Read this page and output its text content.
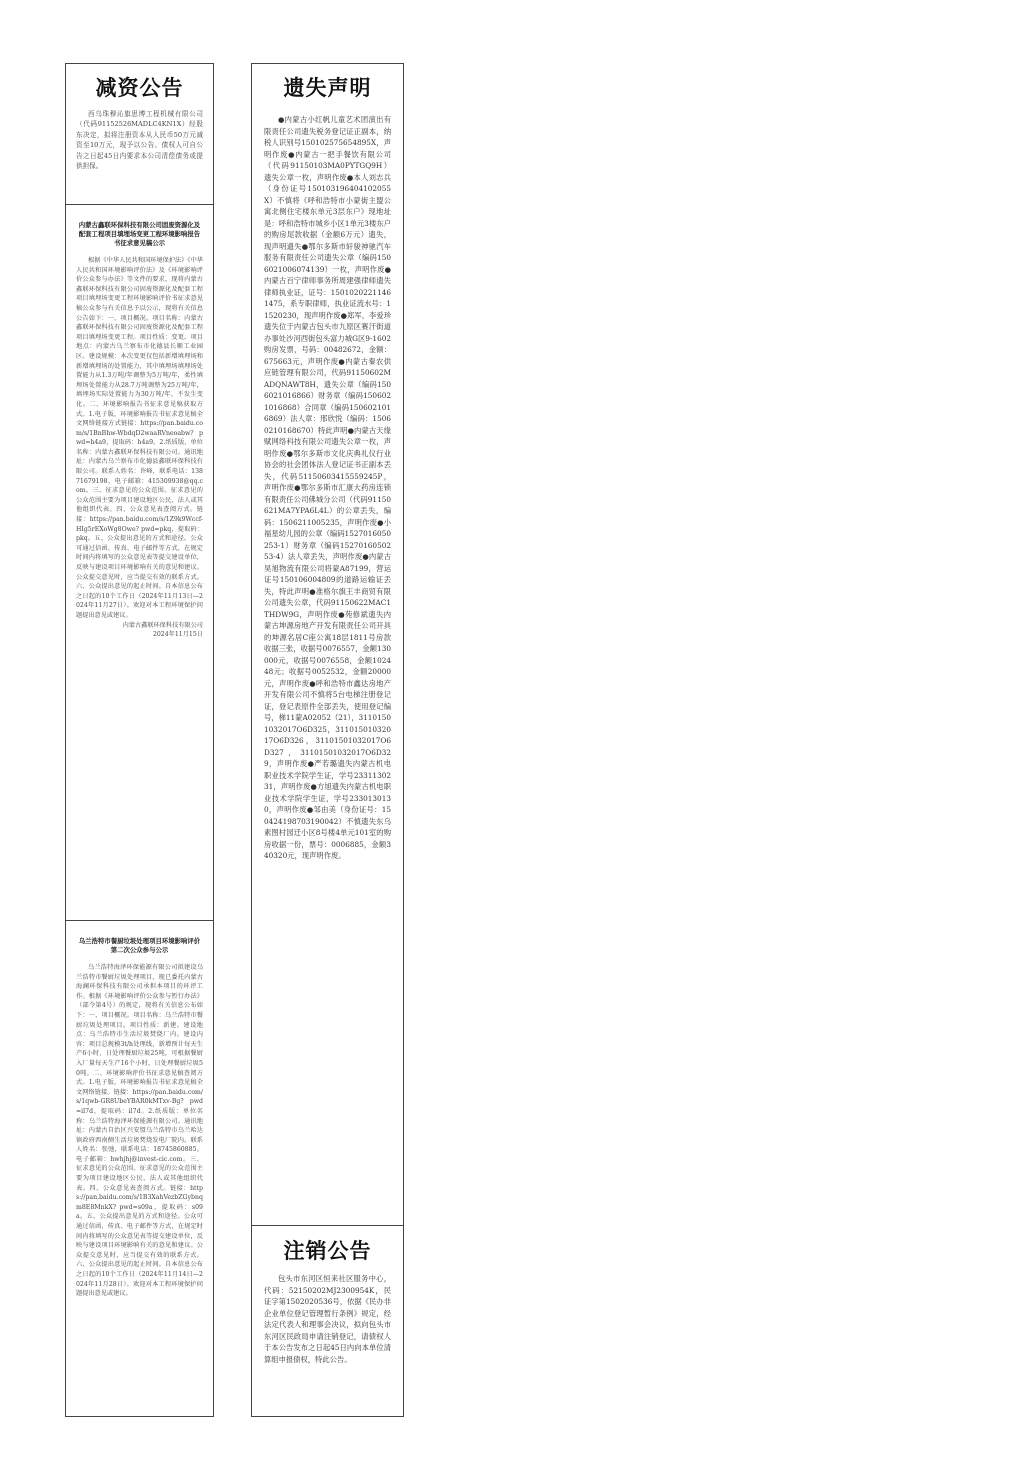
减资公告

西乌珠穆沁旗思博工程机械有限公司（代码91152526MADLC4KN1X）经股东决定，拟将注册资本从人民币50万元减资至10万元，现予以公告。债权人可自公告之日起45日内要求本公司清偿债务或提供担保。

内蒙古鑫联环保科技有限公司固废资源化及配套工程项目填埋场变更工程环境影响报告书征求意见稿公示

根据《中华人民共和国环境保护法》《中华人民共和国环境影响评价法》及《环境影响评价公众参与办法》等文件的要求，现将内蒙古鑫联环保科技有限公司固废资源化及配套工程项目填埋场变更工程环境影响评价书征求意见稿公众参与有关信息予以公示，现将有关信息公告如下：一、项目概况。项目名称：内蒙古鑫联环保科技有限公司固废资源化及配套工程项目填埋场变更工程。项目性质：变更。项目地点：内蒙古乌兰察布市化德县长顺工业园区。建设规模：本次变更仅包括新增填埋场和新增填埋场的处置能力，其中填埋场填埋场处置能力从1.3万吨/年调整为5万吨/年，柔性填埋场处置能力从28.7万吨调整为25万吨/年，填埋场实际处置能力为30万吨/年，不发生变化。二、环境影响报告书征求意见稿获取方式。1.电子版，环境影响报告书征求意见稿全文网络链接方式链接：https://pan.baidu.com/s/1BnBhw-WbdqD2waaRVneoabw? pwd=h4a9，提取码：h4a9。2.纸质版，单位名称：内蒙古鑫联环保科技有限公司。通讯地址：内蒙古乌兰察布市化德县鑫联环保科技有限公司。联系人姓名：许峰，联系电话：13871679198，电子邮箱：415309938@qq.com。三、征求意见的公众范围。征求意见的公众范围主要为项目建设地区公民、法人或其他组织代表。四、公众意见表查阅方式。链接：https://pan.baidu.com/s/1Z9k9Wccf-HIg5rEXoWg8Owe? pwd=pkq，提取码：pkq。五、公众提出意见的方式和途径。公众可通过信函、传真、电子邮件等方式，在规定时间内将填写的公众意见表等提交建设单位，反映与建设项目环境影响有关的意见和建议。公众提交意见时，应当提交有效的联系方式。六、公众提出意见的起止时间。自本信息公布之日起的10个工作日（2024年11月13日—2024年11月27日）。欢迎对本工程环境保护问题提出意见或建议。

内蒙古鑫联环保科技有限公司

2024年11月15日

乌兰浩特市餐厨垃圾处理项目环境影响评价第二次公众参与公示

乌兰浩特海泽环保能源有限公司拟建设乌兰浩特市餐厨垃圾处理项目，现已委托内蒙古海澜环保科技有限公司承担本项目的环评工作。根据《环境影响评价公众参与暂行办法》（部令第4号）的规定，现将有关信息公布如下：一、项目概况。项目名称：乌兰浩特市餐厨垃圾处理项目。项目性质：新建。建设地点：乌兰浩特市生活垃圾焚烧厂内。建设内容：项目总规模3t/h处理线，新增预计每天生产6小时，日处理餐厨垃圾25吨，可根据餐厨入厂量每天生产16个小时，日处理餐厨垃圾50吨。二、环境影响评价书征求意见稿查阅方式。1.电子版，环境影响报告书征求意见稿全文网络链接。链接：https://pan.baidu.com/s/1qwb-GR8UbeYBAR0kMTxv-Bg? pwd=il7d，提取码：il7d。2.纸质版：单位名称：乌兰浩特海泽环保能源有限公司。通讯地址：内蒙古自治区兴安盟乌兰浩特市乌兰哈达镇政府西南侧生活垃圾焚烧发电厂院内。联系人姓名：张弛，联系电话：18745860885。电子邮箱：hwhjhj@invest-cic.com。三、征求意见的公众范围。征求意见的公众范围主要为项目建设地区公民、法人或其他组织代表。四、公众意见表查阅方式。链接：https://pan.baidu.com/s/1B3XahVezbZGybnqm8E8MnkX? pwd=s09a，提取码：s09a。五、公众提出意见的方式和途径。公众可通过信函、传真、电子邮件等方式，在规定时间内将填写的公众意见表等提交建设单位，反映与建设项目环境影响有关的意见和建议。公众提交意见时，应当提交有效的联系方式。六、公众提出意见的起止时间。自本信息公布之日起的10个工作日（2024年11月14日—2024年11月28日）。欢迎对本工程环境保护问题提出意见或建议。

遗失声明

●内蒙古小红帆儿童艺术团演出有限责任公司遗失税务登记证正副本，纳税人识别号150102575654895X，声明作废●内蒙古一把手餐饮有限公司（代码91150103MA0PYTGQ9H）遗失公章一枚，声明作废●本人刘志兵（身份证号150103196404102055X）不慎将《呼和浩特市小蒙街主盟公寓北侧住宅楼东单元3层东户》现地址是：呼和浩特市城乡小区1单元3楼东户的购房尾款收据（金额6万元）遗失，现声明遗失●鄂尔多斯市轩骏神驰汽车服务有限责任公司遗失公章（编码1506021006074139）一枚，声明作废●内蒙古百宁律师事务所周建强律师遗失律师执业证，证号：15010202211461475，系专职律师，执业证流水号：11520230，现声明作废●郑军、李爱珍遗失位于内蒙古包头市九原区赛汗街道办事处沙河西街包头富力城G区9-1602购房发票，号码：00482672，金额：675663元，声明作废●内蒙古秦农供应链管理有限公司，代码91150602MADQNAWT8H，遗失公章（编码1506021016866）财务章（编码1506021016868）合同章（编码1506021016869）法人章：邢欣悦（编码：15060210168670）特此声明●内蒙古天缘赋网络科技有限公司遗失公章一枚，声明作废●鄂尔多斯市文化庆典礼仪行业协会的社会团体法人登记证书正副本丢失，代码51150603415559245P，声明作废●鄂尔多斯市汇康大药房连锁有限责任公司佛城分公司（代码91150621MA7YPA6L4L）的公章丢失，编码：1506211005235，声明作废●小福星幼儿园的公章（编码1527016050253-1）财务章（编码1527016050253-4）法人章丢失，声明作废●内蒙古昊旭物流有限公司将蒙A87199，营运证号150106004809的道路运输证丢失，特此声明●准格尔旗王丰商贸有限公司遗失公章，代码91150622MAC1THDW9G，声明作废●苑修斌遗失内蒙古坤源房地产开发有限责任公司开具的坤源名居C座公寓18层1811号房款收据三张，收据号0076557，金额130000元，收据号0076558，金额102448元；收据号0052532，金额20000元，声明作废●呼和浩特市鑫达房地产开发有限公司不慎将5台电梯注册登记证，登记表原件全部丢失，使用登记编号，梯11蒙A02052（21），31101501032017O6D325，31101501032017O6D326，31101501032017O6D327，31101501032017O6D329，声明作废●严若璐遗失内蒙古机电职业技术学院学生证，学号2331130231，声明作废●方旭遗失内蒙古机电职业技术学院学生证，学号2330130130，声明作废●邹由美（身份证号：150424198703190042）不慎遗失东乌素图村园迁小区8号楼4单元101室的购房收据一份，票号：0006885，金额340320元，现声明作废。

注销公告

包头市东河区恒来社区服务中心，代码：52150202MJ2300954K，民证字第1502020536号，依据《民办非企业单位登记管理暂行条例》规定，经法定代表人和理事会决议，拟向包头市东河区民政局申请注销登记，请债权人于本公告发布之日起45日内向本单位清算组申报债权，特此公告。
